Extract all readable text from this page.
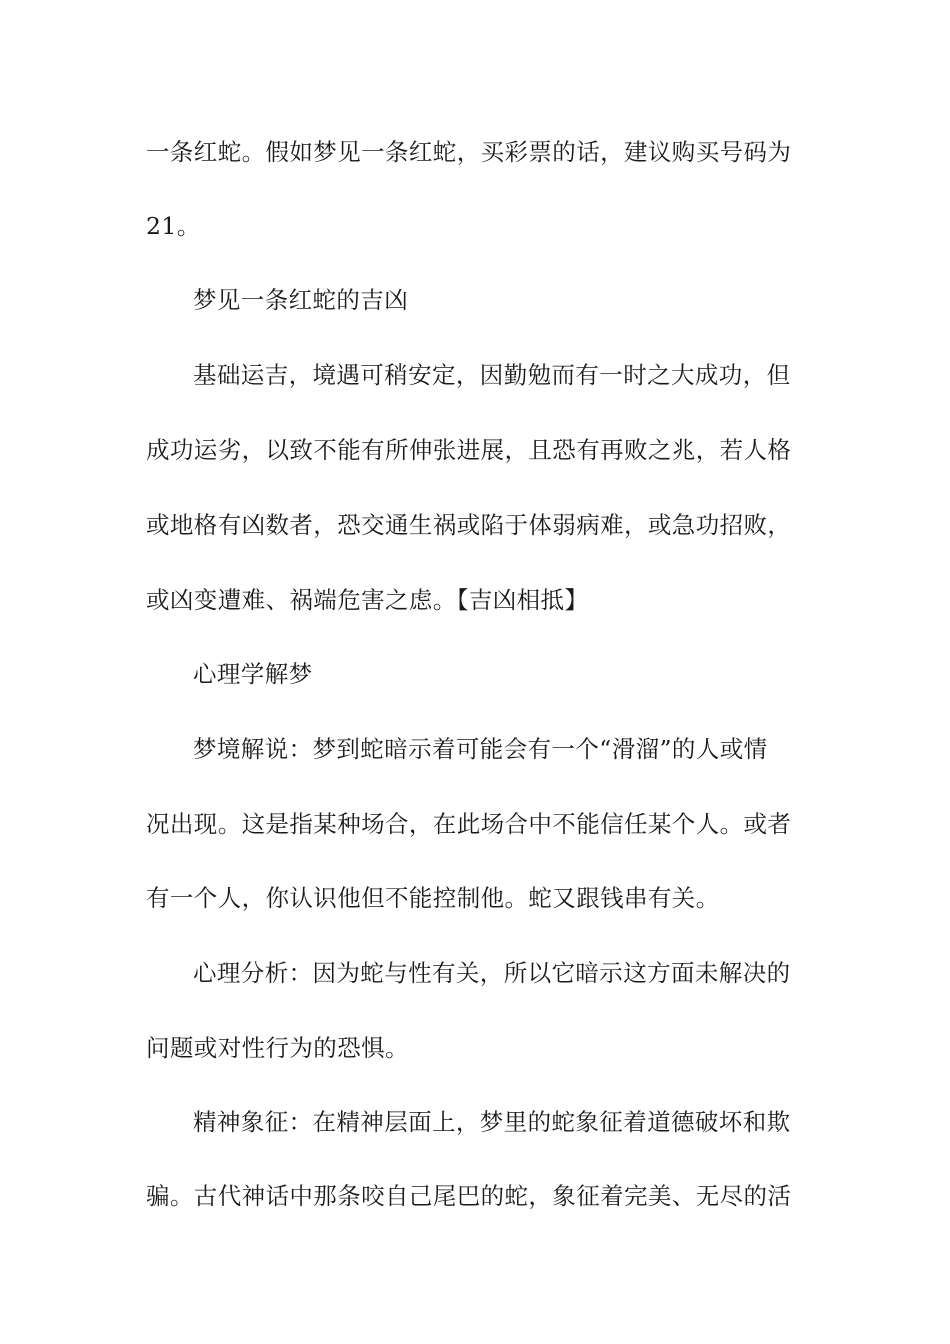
一条红蛇。假如梦见一条红蛇，买彩票的话，建议购买号码为
21。
梦见一条红蛇的吉凶
基础运吉，境遇可稍安定，因勤勉而有一时之大成功，但
成功运劣，以致不能有所伸张进展，且恐有再败之兆，若人格
或地格有凶数者，恐交通生祸或陷于体弱病难，或急功招败，
或凶变遭难、祸端危害之虑。【吉凶相抵】
心理学解梦
梦境解说：梦到蛇暗示着可能会有一个“滑溜”的人或情
况出现。这是指某种场合，在此场合中不能信任某个人。或者
有一个人，你认识他但不能控制他。蛇又跟钱串有关。
心理分析：因为蛇与性有关，所以它暗示这方面未解决的
问题或对性行为的恐惧。
精神象征：在精神层面上，梦里的蛇象征着道德破坏和欺
骗。古代神话中那条咬自己尾巴的蛇，象征着完美、无尽的活
